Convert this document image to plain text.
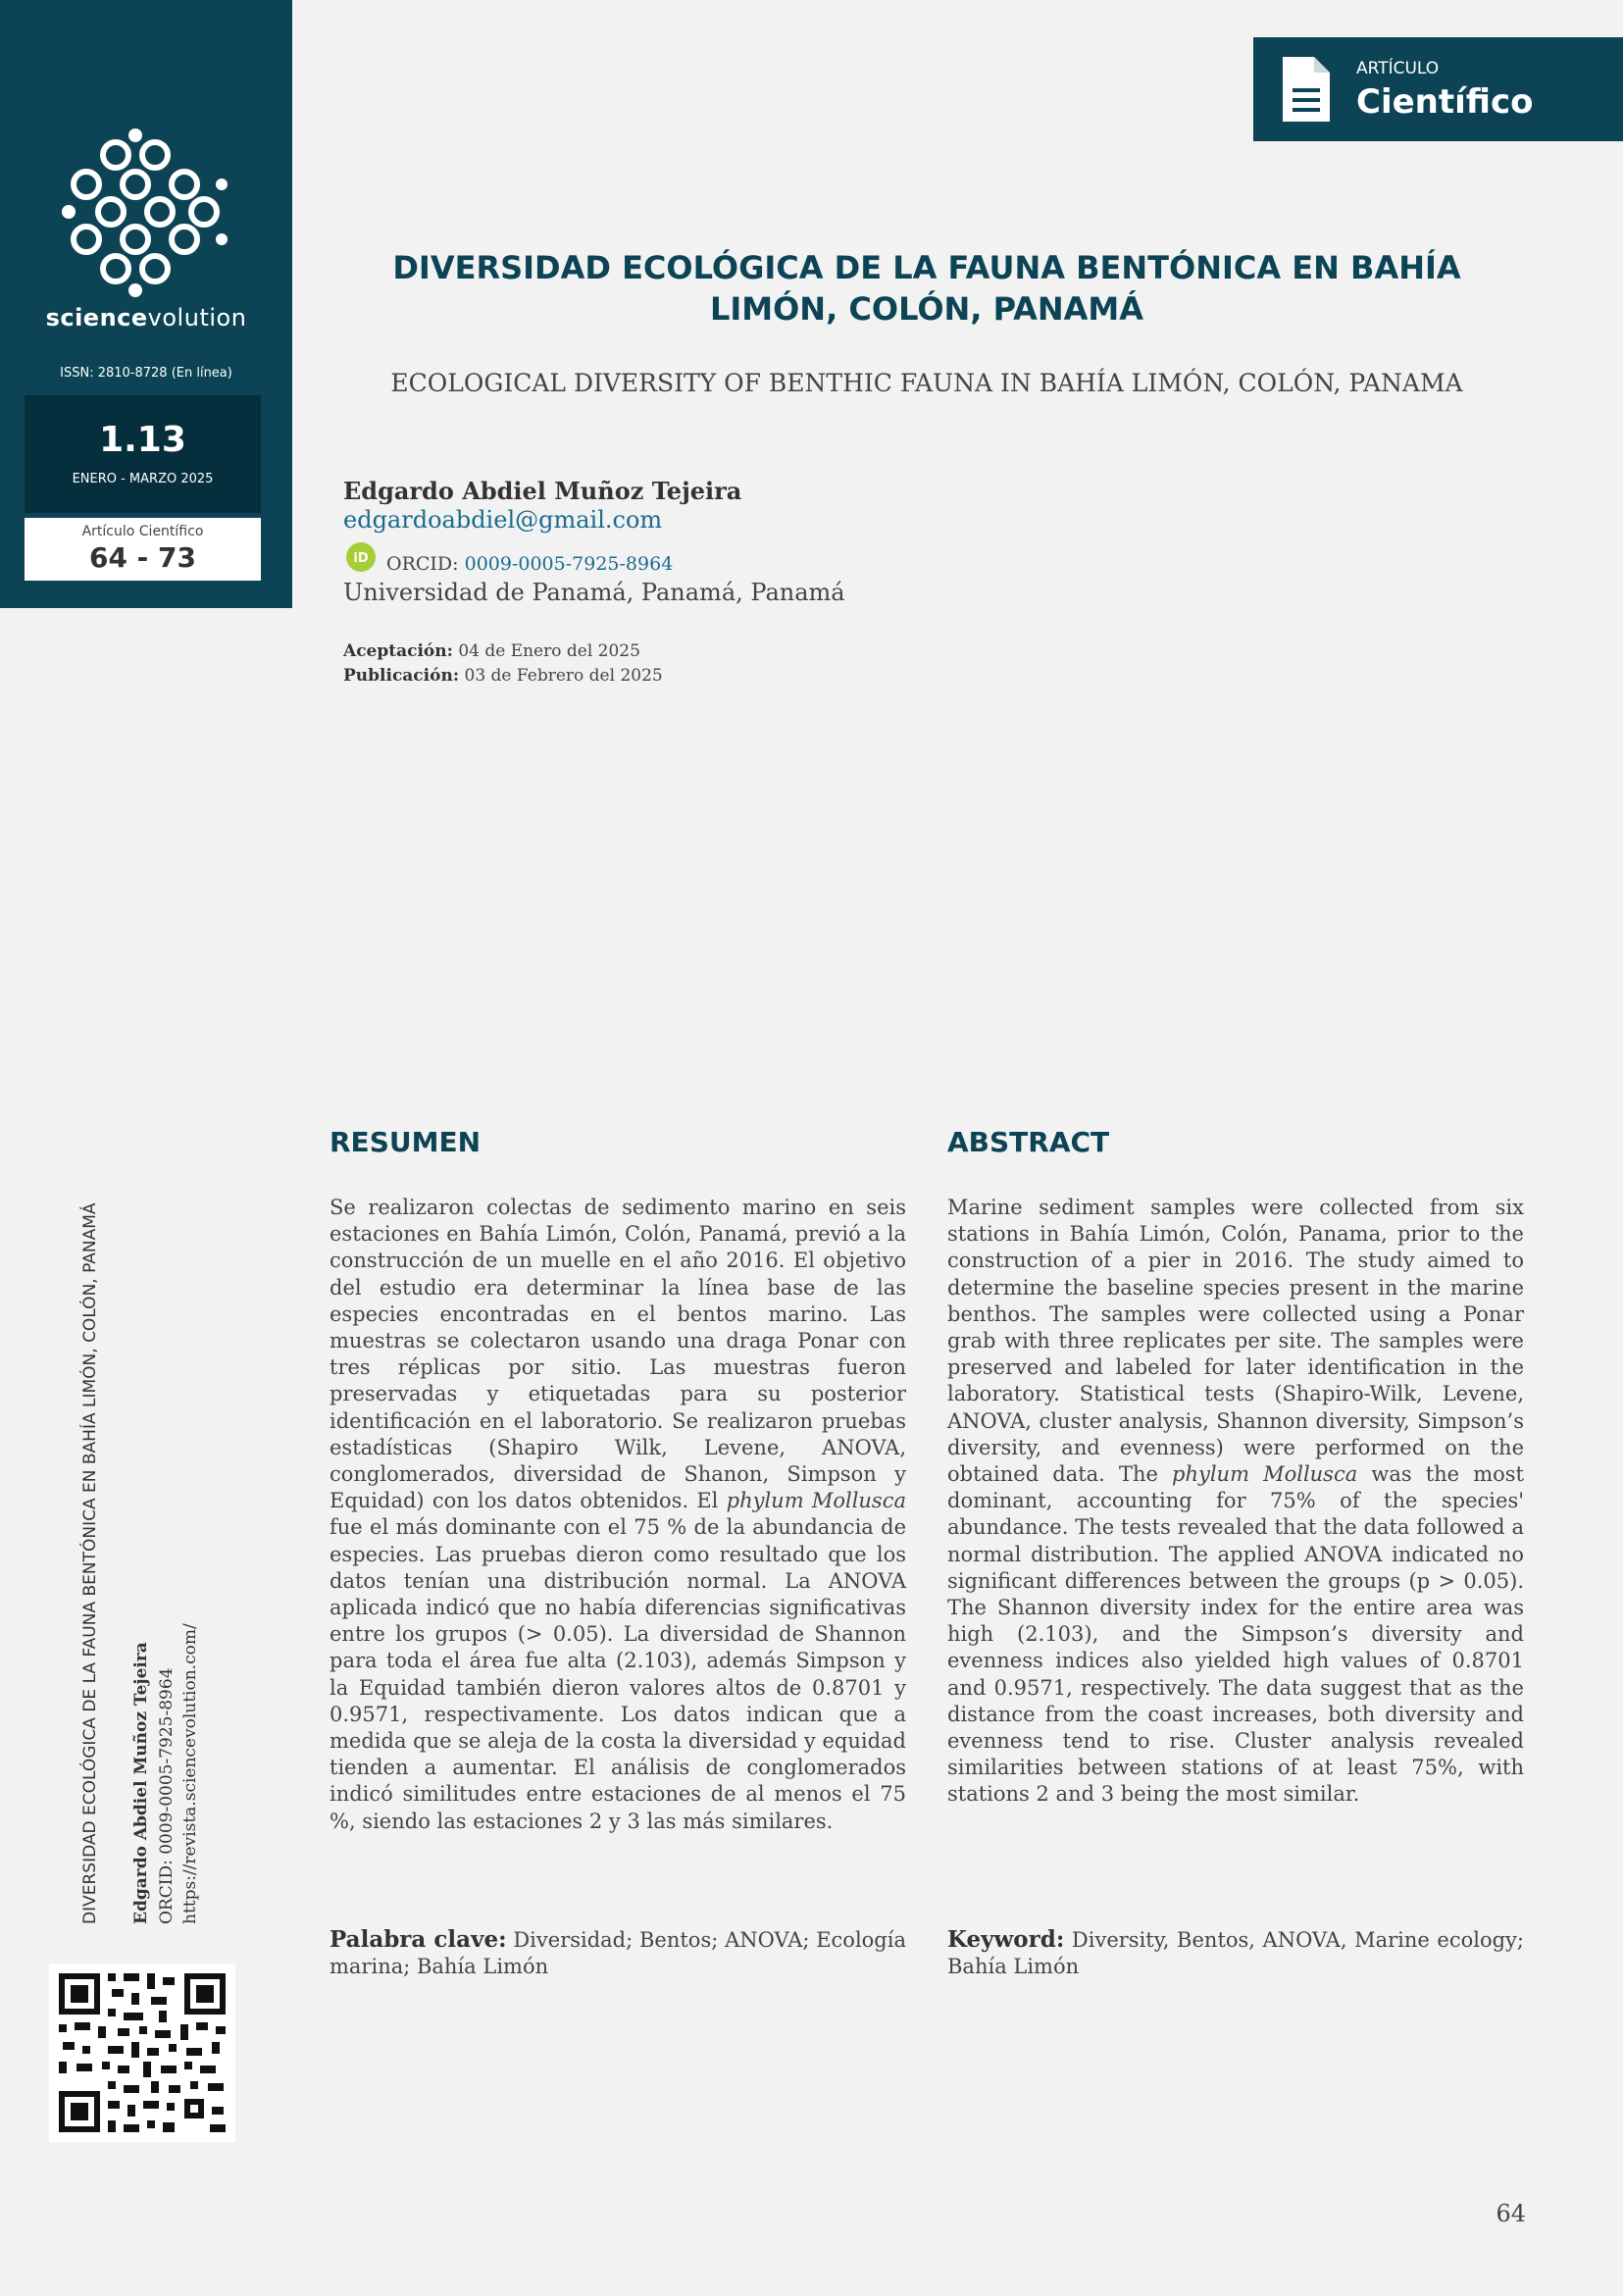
sciencevolution
ISSN: 2810-8728 (En línea)
1.13
ENERO - MARZO 2025
Artículo Científico
64 - 73
ARTÍCULO
Científico
DIVERSIDAD ECOLÓGICA DE LA FAUNA BENTÓNICA EN BAHÍA LIMÓN, COLÓN, PANAMÁ
ECOLOGICAL DIVERSITY OF BENTHIC FAUNA IN BAHÍA LIMÓN, COLÓN, PANAMA
Edgardo Abdiel Muñoz Tejeira
edgardoabdiel@gmail.com
iD ORCID: 0009-0005-7925-8964
Universidad de Panamá, Panamá, Panamá
Aceptación: 04 de Enero del 2025
Publicación: 03 de Febrero del 2025
DIVERSIDAD ECOLÓGICA DE LA FAUNA BENTÓNICA EN BAHÍA LIMÓN, COLÓN, PANAMÁ Edgardo Abdiel Muñoz Tejeira ORCID: 0009-0005-7925-8964 https://revista.sciencevolution.com/
RESUMEN
Se realizaron colectas de sedimento marino en seis estaciones en Bahía Limón, Colón, Panamá, previó a la construcción de un muelle en el año 2016. El objetivo del estudio era determinar la línea base de las especies encontradas en el bentos marino. Las muestras se colectaron usando una draga Ponar con tres réplicas por sitio. Las muestras fueron preservadas y etiquetadas para su posterior identificación en el laboratorio. Se realizaron pruebas estadísticas (Shapiro Wilk, Levene, ANOVA, conglomerados, diversidad de Shanon, Simpson y Equidad) con los datos obtenidos. El phylum Mollusca fue el más dominante con el 75 % de la abundancia de especies. Las pruebas dieron como resultado que los datos tenían una distribución normal. La ANOVA aplicada indicó que no había diferencias significativas entre los grupos (> 0.05). La diversidad de Shannon para toda el área fue alta (2.103), además Simpson y la Equidad también dieron valores altos de 0.8701 y 0.9571, respectivamente. Los datos indican que a medida que se aleja de la costa la diversidad y equidad tienden a aumentar. El análisis de conglomerados indicó similitudes entre estaciones de al menos el 75 %, siendo las estaciones 2 y 3 las más similares.
Palabra clave: Diversidad; Bentos; ANOVA; Ecología marina; Bahía Limón
ABSTRACT
Marine sediment samples were collected from six stations in Bahía Limón, Colón, Panama, prior to the construction of a pier in 2016. The study aimed to determine the baseline species present in the marine benthos. The samples were collected using a Ponar grab with three replicates per site. The samples were preserved and labeled for later identification in the laboratory. Statistical tests (Shapiro-Wilk, Levene, ANOVA, cluster analysis, Shannon diversity, Simpson’s diversity, and evenness) were performed on the obtained data. The phylum Mollusca was the most dominant, accounting for 75% of the species' abundance. The tests revealed that the data followed a normal distribution. The applied ANOVA indicated no significant differences between the groups (p > 0.05). The Shannon diversity index for the entire area was high (2.103), and the Simpson’s diversity and evenness indices also yielded high values of 0.8701 and 0.9571, respectively. The data suggest that as the distance from the coast increases, both diversity and evenness tend to rise. Cluster analysis revealed similarities between stations of at least 75%, with stations 2 and 3 being the most similar.
Keyword: Diversity, Bentos, ANOVA, Marine ecology; Bahía Limón
64
